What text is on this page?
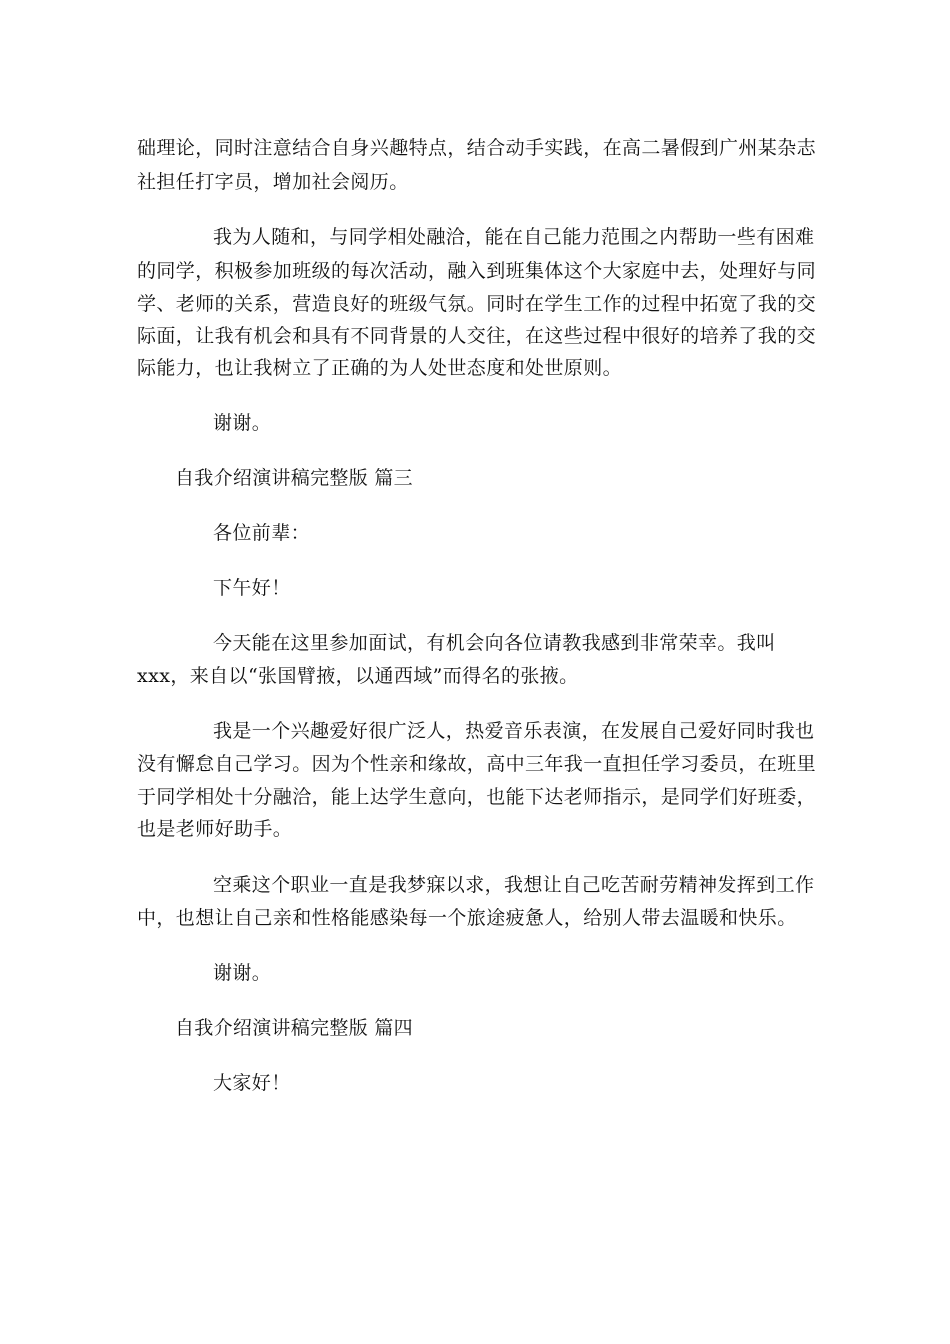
础理论，同时注意结合自身兴趣特点，结合动手实践，在高二暑假到广州某杂志
社担任打字员，增加社会阅历。
我为人随和，与同学相处融洽，能在自己能力范围之内帮助一些有困难
的同学，积极参加班级的每次活动，融入到班集体这个大家庭中去，处理好与同
学、老师的关系，营造良好的班级气氛。同时在学生工作的过程中拓宽了我的交
际面，让我有机会和具有不同背景的人交往，在这些过程中很好的培养了我的交
际能力，也让我树立了正确的为人处世态度和处世原则。
谢谢。
自我介绍演讲稿完整版 篇三
各位前辈：
下午好！
今天能在这里参加面试，有机会向各位请教我感到非常荣幸。我叫
xxx，来自以“张国臂掖，以通西域”而得名的张掖。
我是一个兴趣爱好很广泛人，热爱音乐表演，在发展自己爱好同时我也
没有懈怠自己学习。因为个性亲和缘故，高中三年我一直担任学习委员，在班里
于同学相处十分融洽，能上达学生意向，也能下达老师指示，是同学们好班委，
也是老师好助手。
空乘这个职业一直是我梦寐以求，我想让自己吃苦耐劳精神发挥到工作
中，也想让自己亲和性格能感染每一个旅途疲惫人，给别人带去温暖和快乐。
谢谢。
自我介绍演讲稿完整版 篇四
大家好！
